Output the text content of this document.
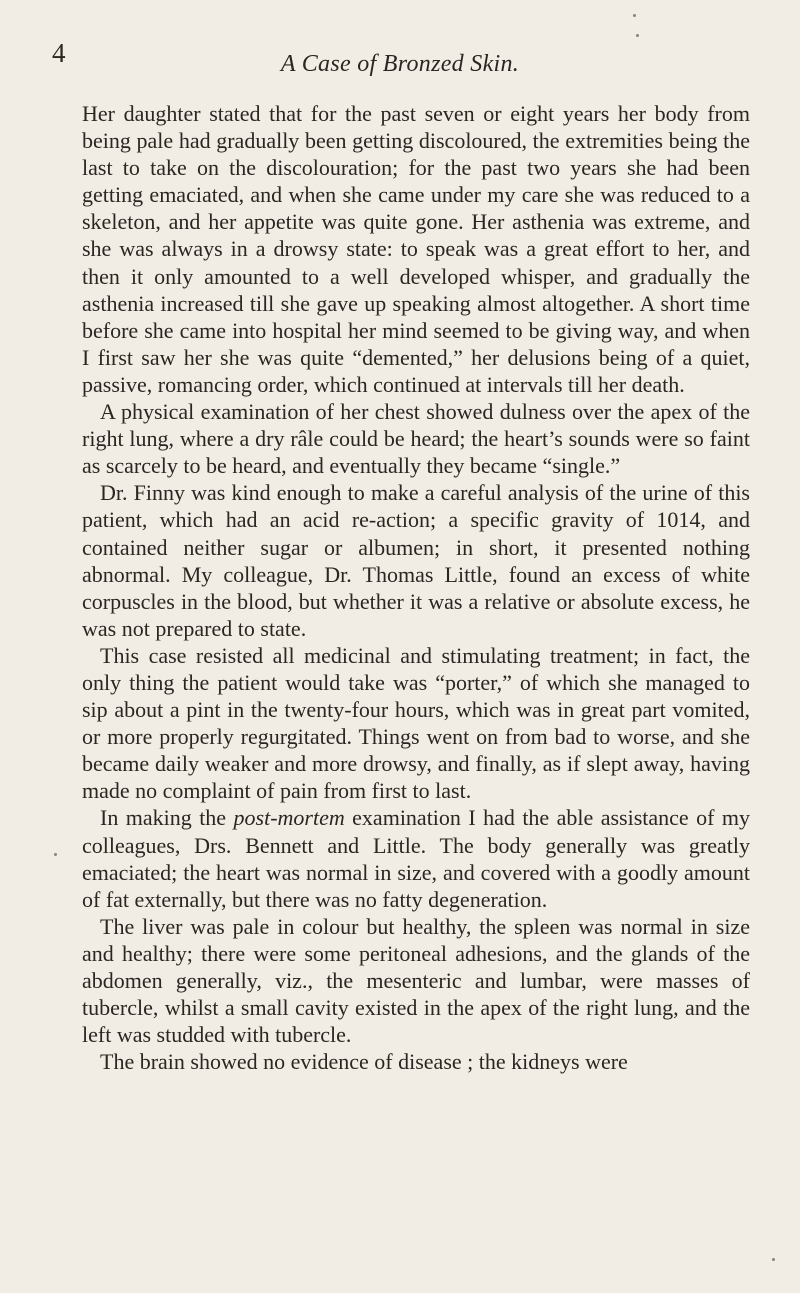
4	A Case of Bronzed Skin.

Her daughter stated that for the past seven or eight years her body from being pale had gradually been getting discoloured, the extremities being the last to take on the discolouration; for the past two years she had been getting emaciated, and when she came under my care she was reduced to a skeleton, and her appetite was quite gone. Her asthenia was extreme, and she was always in a drowsy state: to speak was a great effort to her, and then it only amounted to a well developed whisper, and gradually the asthenia increased till she gave up speaking almost altogether. A short time before she came into hospital her mind seemed to be giving way, and when I first saw her she was quite “demented,” her delusions being of a quiet, passive, romancing order, which continued at intervals till her death.

A physical examination of her chest showed dulness over the apex of the right lung, where a dry râle could be heard; the heart’s sounds were so faint as scarcely to be heard, and eventually they became “single.”

Dr. Finny was kind enough to make a careful analysis of the urine of this patient, which had an acid re-action; a specific gravity of 1014, and contained neither sugar or albumen; in short, it presented nothing abnormal. My colleague, Dr. Thomas Little, found an excess of white corpuscles in the blood, but whether it was a relative or absolute excess, he was not prepared to state.

This case resisted all medicinal and stimulating treatment; in fact, the only thing the patient would take was “porter,” of which she managed to sip about a pint in the twenty-four hours, which was in great part vomited, or more properly regurgitated. Things went on from bad to worse, and she became daily weaker and more drowsy, and finally, as if slept away, having made no complaint of pain from first to last.

In making the post-mortem examination I had the able assistance of my colleagues, Drs. Bennett and Little. The body generally was greatly emaciated; the heart was normal in size, and covered with a goodly amount of fat externally, but there was no fatty degeneration.

The liver was pale in colour but healthy, the spleen was normal in size and healthy; there were some peritoneal adhesions, and the glands of the abdomen generally, viz., the mesenteric and lumbar, were masses of tubercle, whilst a small cavity existed in the apex of the right lung, and the left was studded with tubercle.

The brain showed no evidence of disease ; the kidneys were
